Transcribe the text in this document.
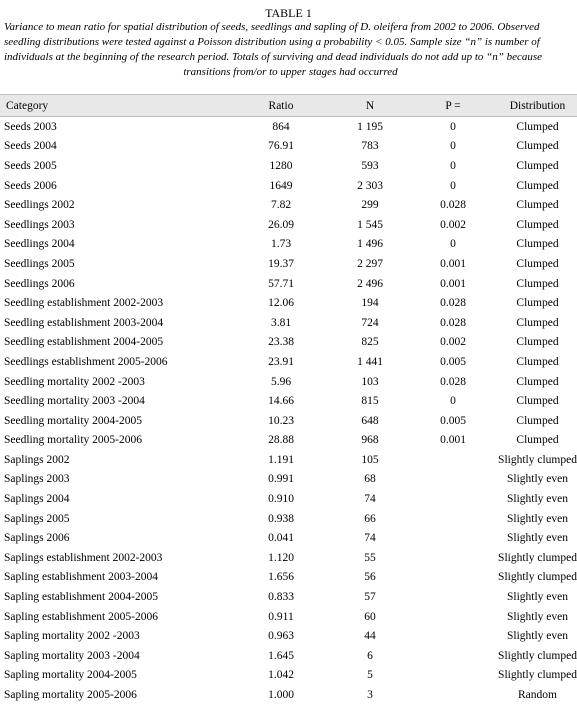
TABLE 1
Variance to mean ratio for spatial distribution of seeds, seedlings and sapling of D. oleifera from 2002 to 2006. Observed
seedling distributions were tested against a Poisson distribution using a probability < 0.05. Sample size “n” is number of
individuals at the beginning of the research period. Totals of surviving and dead individuals do not add up to “n” because
transitions from/or to upper stages had occurred
Category	Ratio	N	P =	Distribution
Seeds 2003	864	1 195	0	Clumped
Seeds 2004	76.91	783	0	Clumped
Seeds 2005	1280	593	0	Clumped
Seeds 2006	1649	2 303	0	Clumped
Seedlings 2002	7.82	299	0.028	Clumped
Seedlings 2003	26.09	1 545	0.002	Clumped
Seedlings 2004	1.73	1 496	0	Clumped
Seedlings 2005	19.37	2 297	0.001	Clumped
Seedlings 2006	57.71	2 496	0.001	Clumped
Seedling establishment 2002-2003	12.06	194	0.028	Clumped
Seedling establishment 2003-2004	3.81	724	0.028	Clumped
Seedling establishment 2004-2005	23.38	825	0.002	Clumped
Seedlings establishment 2005-2006	23.91	1 441	0.005	Clumped
Seedling mortality 2002 -2003	5.96	103	0.028	Clumped
Seedling mortality 2003 -2004	14.66	815	0	Clumped
Seedling mortality 2004-2005	10.23	648	0.005	Clumped
Seedling mortality 2005-2006	28.88	968	0.001	Clumped
Saplings 2002	1.191	105		Slightly clumped
Saplings 2003	0.991	68		Slightly even
Saplings 2004	0.910	74		Slightly even
Saplings 2005	0.938	66		Slightly even
Saplings 2006	0.041	74		Slightly even
Saplings establishment 2002-2003	1.120	55		Slightly clumped
Sapling establishment 2003-2004	1.656	56		Slightly clumped
Sapling establishment 2004-2005	0.833	57		Slightly even
Sapling establishment 2005-2006	0.911	60		Slightly even
Sapling mortality 2002 -2003	0.963	44		Slightly even
Sapling mortality 2003 -2004	1.645	6		Slightly clumped
Sapling mortality 2004-2005	1.042	5		Slightly clumped
Sapling mortality 2005-2006	1.000	3		Random
